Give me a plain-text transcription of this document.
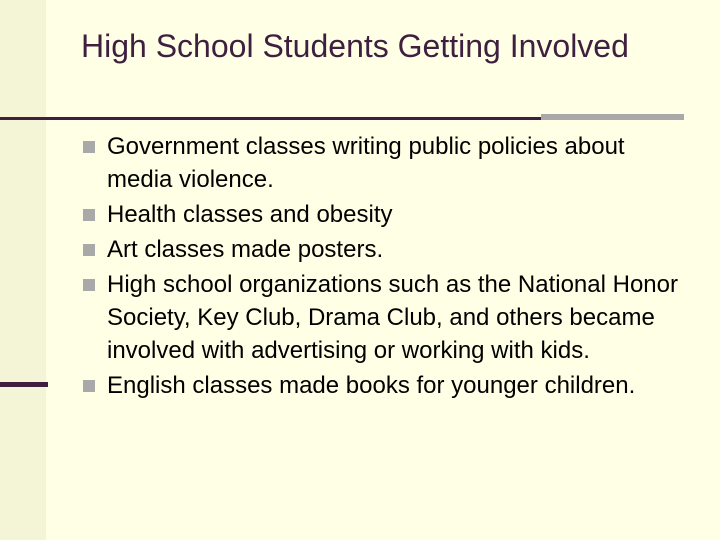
High School Students Getting Involved
Government classes writing public policies about media violence.
Health classes and obesity
Art classes made posters.
High school organizations such as the National Honor Society, Key Club, Drama Club, and others became involved with advertising or working with kids.
English classes made books for younger children.
